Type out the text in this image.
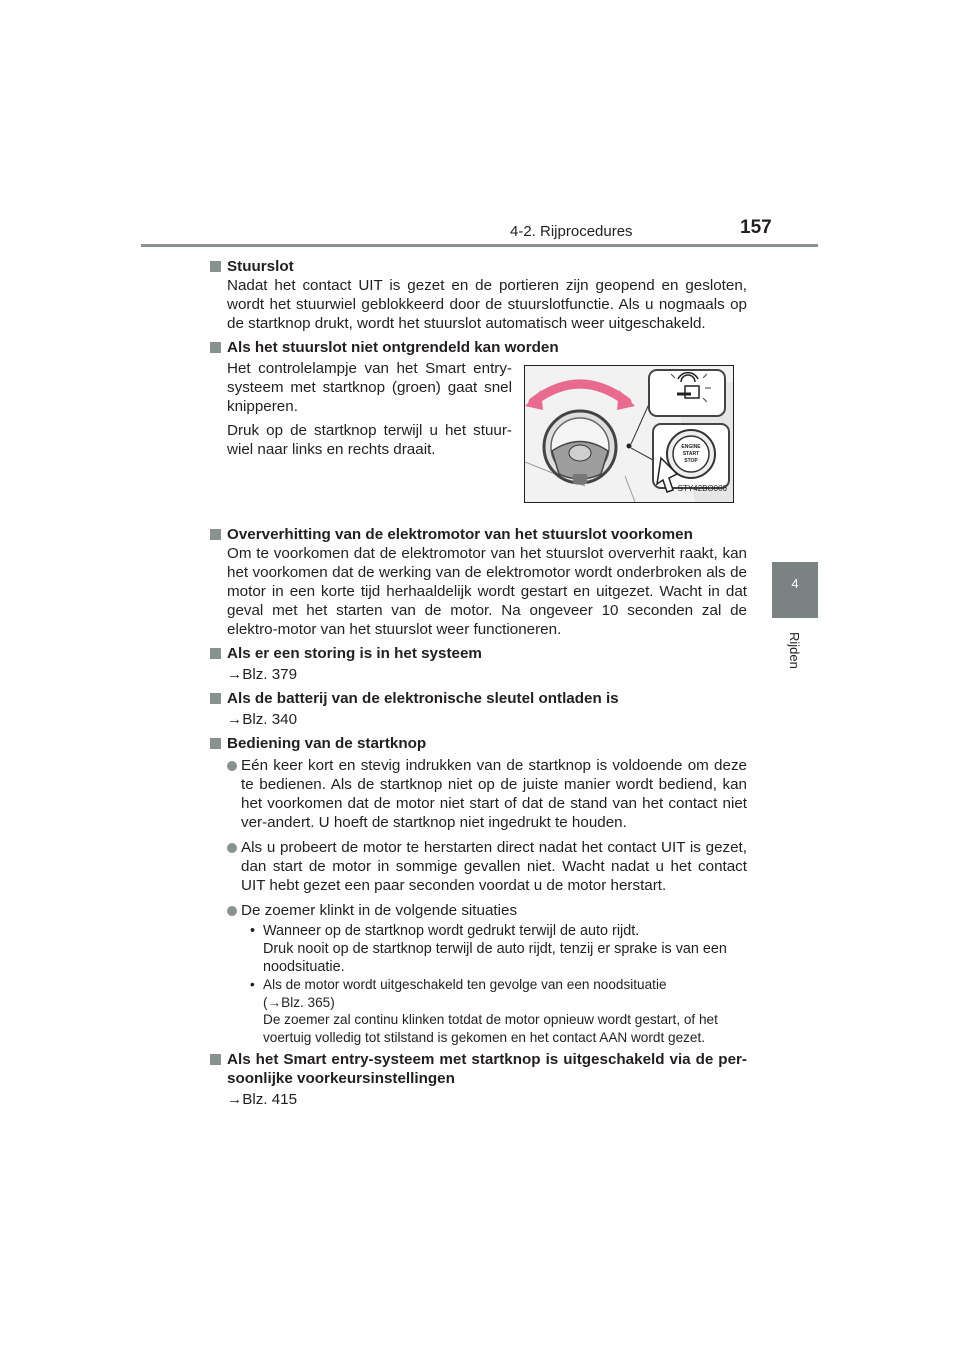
4-2. Rijprocedures	157
4
Rijden
Stuurslot
Nadat het contact UIT is gezet en de portieren zijn geopend en gesloten, wordt het stuurwiel geblokkeerd door de stuurslotfunctie. Als u nogmaals op de startknop drukt, wordt het stuurslot automatisch weer uitgeschakeld.
Als het stuurslot niet ontgrendeld kan worden
Het controlelampje van het Smart entry-systeem met startknop (groen) gaat snel knipperen.
Druk op de startknop terwijl u het stuur-wiel naar links en rechts draait.	ENGINE
START
STOP
STY42BO006
Oververhitting van de elektromotor van het stuurslot voorkomen
Om te voorkomen dat de elektromotor van het stuurslot oververhit raakt, kan het voorkomen dat de werking van de elektromotor wordt onderbroken als de motor in een korte tijd herhaaldelijk wordt gestart en uitgezet. Wacht in dat geval met het starten van de motor. Na ongeveer 10 seconden zal de elektro-motor van het stuurslot weer functioneren.
Als er een storing is in het systeem
→Blz. 379
Als de batterij van de elektronische sleutel ontladen is
→Blz. 340
Bediening van de startknop
Eén keer kort en stevig indrukken van de startknop is voldoende om deze te bedienen. Als de startknop niet op de juiste manier wordt bediend, kan het voorkomen dat de motor niet start of dat de stand van het contact niet ver-andert. U hoeft de startknop niet ingedrukt te houden.
Als u probeert de motor te herstarten direct nadat het contact UIT is gezet, dan start de motor in sommige gevallen niet. Wacht nadat u het contact UIT hebt gezet een paar seconden voordat u de motor herstart.
De zoemer klinkt in de volgende situaties
• Wanneer op de startknop wordt gedrukt terwijl de auto rijdt.
Druk nooit op de startknop terwijl de auto rijdt, tenzij er sprake is van een noodsituatie.
• Als de motor wordt uitgeschakeld ten gevolge van een noodsituatie
(→Blz. 365)
De zoemer zal continu klinken totdat de motor opnieuw wordt gestart, of het voertuig volledig tot stilstand is gekomen en het contact AAN wordt gezet.
Als het Smart entry-systeem met startknop is uitgeschakeld via de per-soonlijke voorkeursinstellingen
→Blz. 415
